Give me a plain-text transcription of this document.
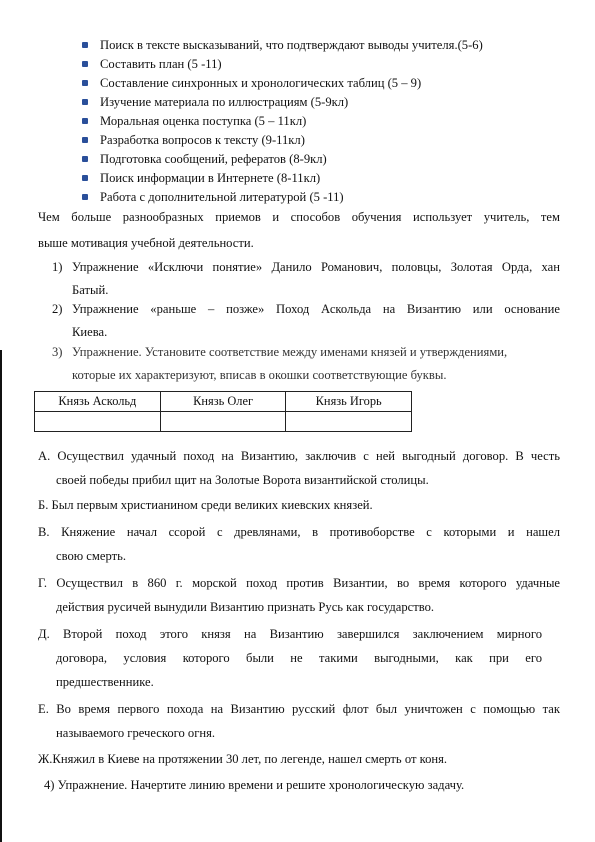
Поиск в тексте высказываний, что подтверждают выводы учителя.(5-6)
Составить план (5 -11)
Составление синхронных и хронологических таблиц (5 – 9)
Изучение материала по иллюстрациям (5-9кл)
Моральная оценка поступка (5 – 11кл)
Разработка вопросов к тексту (9-11кл)
Подготовка сообщений, рефератов (8-9кл)
Поиск информации в Интернете (8-11кл)
Работа с дополнительной литературой (5 -11)
Чем больше разнообразных приемов и способов обучения использует учитель, тем
выше мотивация учебной деятельности.
1) Упражнение «Исключи понятие» Данило Романович, половцы, Золотая Орда, хан
Батый.
2) Упражнение «раньше – позже» Поход Аскольда на Византию или основание
Киева.
3) Упражнение. Установите соответствие между именами князей и утверждениями,
которые их характеризуют, вписав в окошки соответствующие буквы.
Князь Аскольд	Князь Олег	Князь Игорь

А. Осуществил удачный поход на Византию, заключив с ней выгодный договор. В честь
своей победы прибил щит на Золотые Ворота византийской столицы.
Б. Был первым христианином среди великих киевских князей.
В. Княжение начал ссорой с древлянами, в противоборстве с которыми и нашел
свою смерть.
Г. Осуществил в 860 г. морской поход против Византии, во время которого удачные
действия русичей вынудили Византию признать Русь как государство.
Д. Второй поход этого князя на Византию завершился заключением мирного
договора, условия которого были не такими выгодными, как при его
предшественнике.
Е. Во время первого похода на Византию русский флот был уничтожен с помощью так
называемого греческого огня.
Ж.Княжил в Киеве на протяжении 30 лет, по легенде, нашел смерть от коня.
4) Упражнение. Начертите линию времени и решите хронологическую задачу.
